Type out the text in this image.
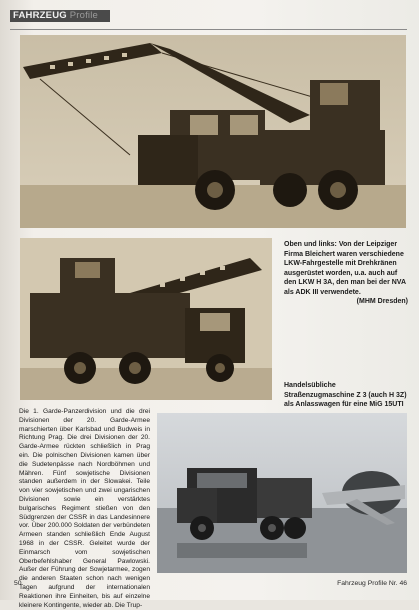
FAHRZEUG Profile
Oben und links: Von der Leipziger Firma Bleichert waren verschiedene LKW-Fahrgestelle mit Drehkränen ausgerüstet worden, u.a. auch auf den LKW H 3A, den man bei der NVA als ADK III verwendete.
(MHM Dresden)
Handelsübliche Straßenzugmaschine Z 3 (auch H 3Z) als Anlasswagen für eine MiG 15UTI
Die 1. Garde-Panzerdivision und die drei Divisionen der 20. Garde-Armee marschierten über Karlsbad und Budweis in Richtung Prag. Die drei Divisionen der 20. Garde-Armee rückten schließlich in Prag ein. Die polnischen Divisionen kamen über die Sudetenpässe nach Nordböhmen und Mähren. Fünf sowjetische Divisionen standen außerdem in der Slowakei. Teile von vier sowjetischen und zwei ungarischen Divisionen sowie ein verstärktes bulgarisches Regiment stießen von den Südgrenzen der CSSR in das Landesinnere vor. Über 200.000 Soldaten der verbündeten Armeen standen schließlich Ende August 1968 in der CSSR. Geleitet wurde der Einmarsch vom sowjetischen Oberbefehlshaber General Pawlowski. Außer der Führung der Sowjetarmee, zogen die anderen Staaten schon nach wenigen Tagen aufgrund der internationalen Reaktionen ihre Einheiten, bis auf einzelne kleinere Kontingente, wieder ab. Die Trup-
50	Fahrzeug Profile Nr. 46
